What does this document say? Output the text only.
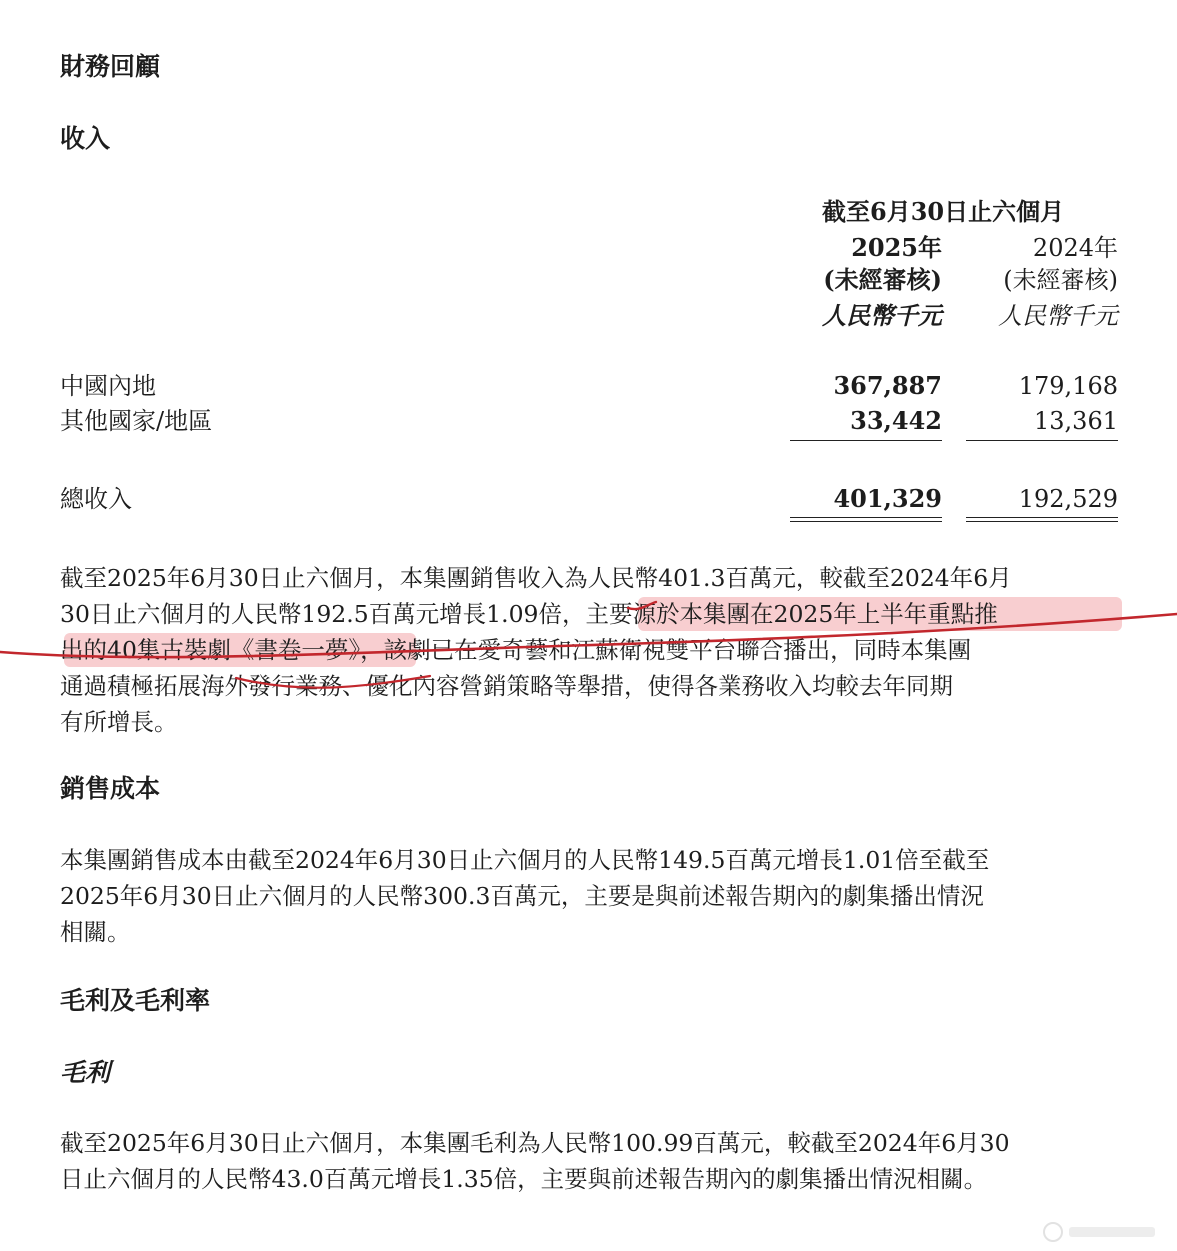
財務回顧
收入
截至6月30日止六個月
2025年	2024年
(未經審核)	(未經審核)
人民幣千元	人民幣千元
中國內地	367,887	179,168
其他國家/地區	33,442	13,361
總收入	401,329	192,529
截至2025年6月30日止六個月，本集團銷售收入為人民幣401.3百萬元，較截至2024年6月
30日止六個月的人民幣192.5百萬元增長1.09倍，主要源於本集團在2025年上半年重點推
出的40集古裝劇《書卷一夢》，該劇已在愛奇藝和江蘇衛視雙平台聯合播出，同時本集團
通過積極拓展海外發行業務、優化內容營銷策略等舉措，使得各業務收入均較去年同期
有所增長。
銷售成本
本集團銷售成本由截至2024年6月30日止六個月的人民幣149.5百萬元增長1.01倍至截至
2025年6月30日止六個月的人民幣300.3百萬元，主要是與前述報告期內的劇集播出情況
相關。
毛利及毛利率
毛利
截至2025年6月30日止六個月，本集團毛利為人民幣100.99百萬元，較截至2024年6月30
日止六個月的人民幣43.0百萬元增長1.35倍，主要與前述報告期內的劇集播出情況相關。
